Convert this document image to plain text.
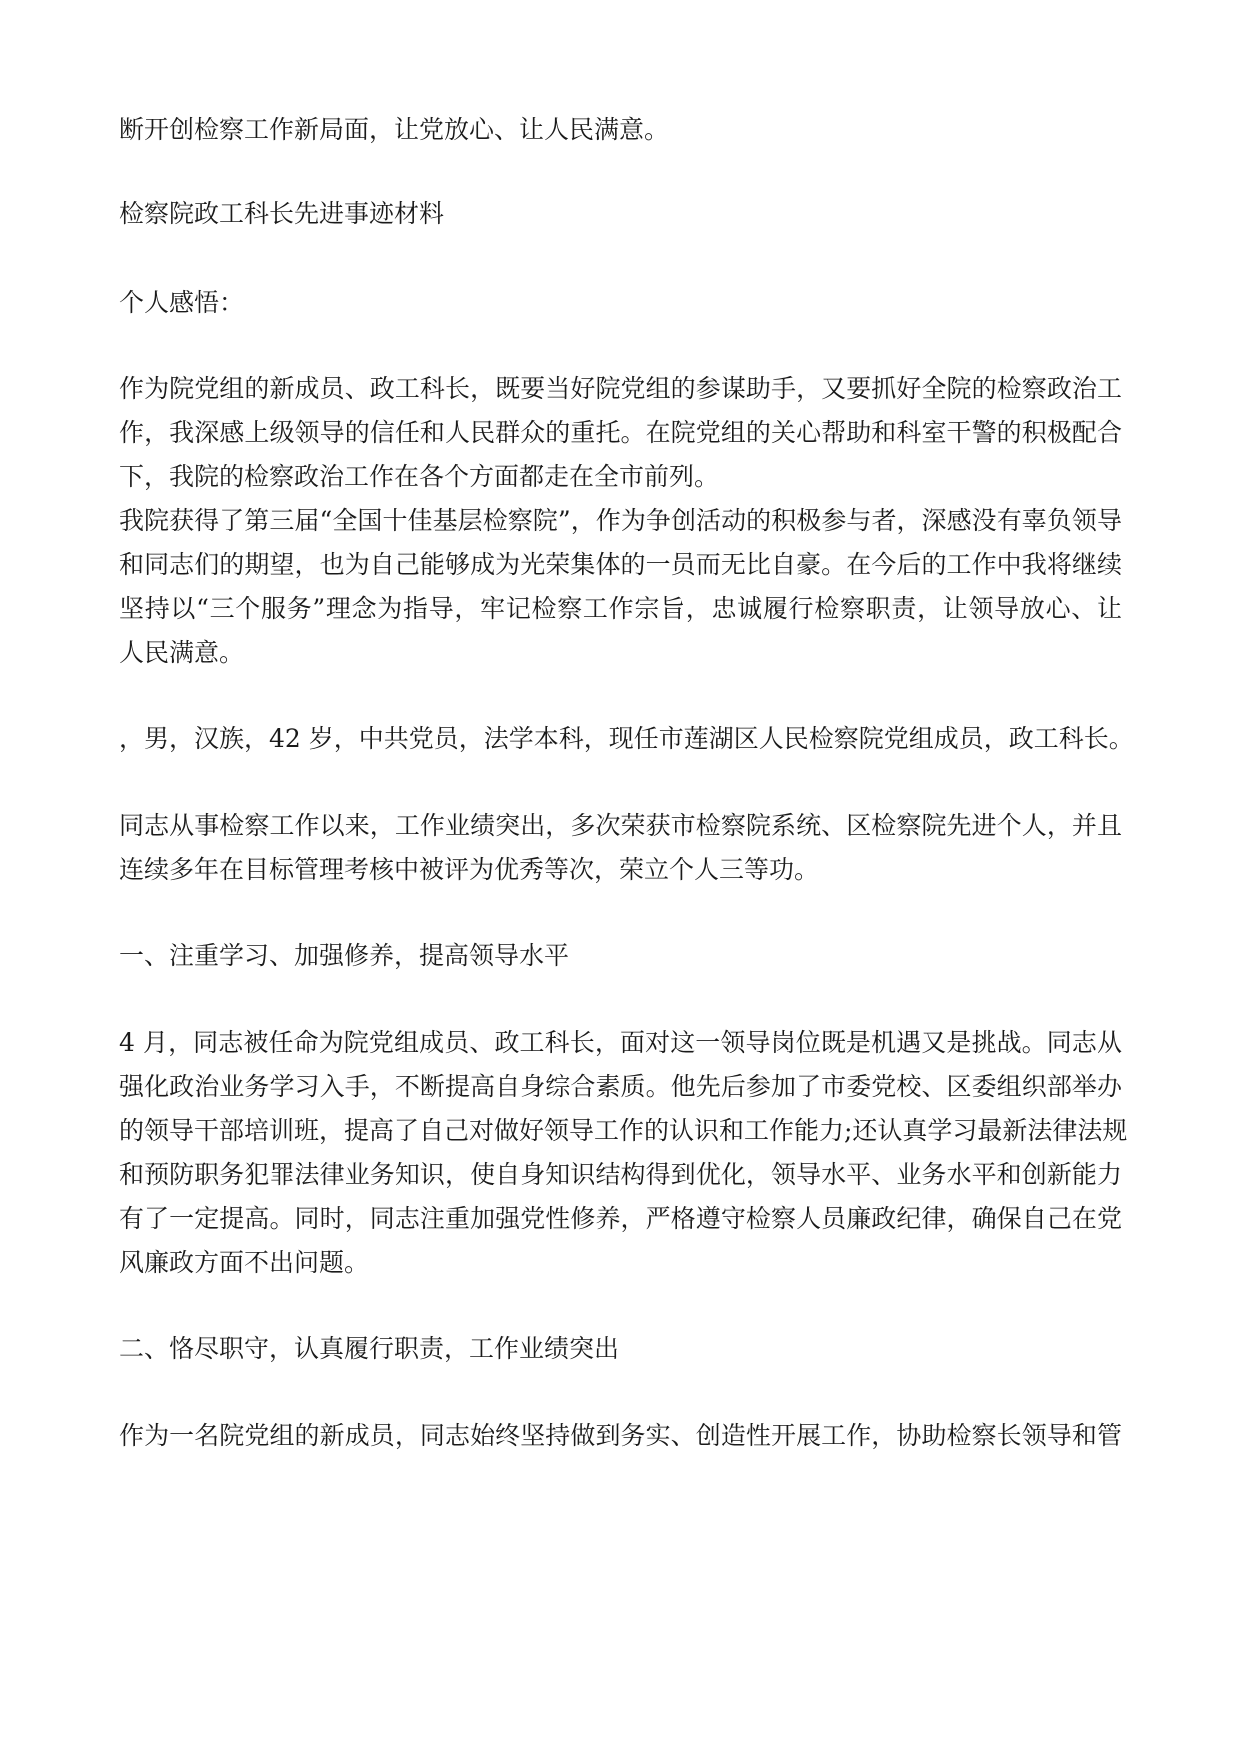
断开创检察工作新局面，让党放心、让人民满意。

检察院政工科长先进事迹材料

个人感悟：

作为院党组的新成员、政工科长，既要当好院党组的参谋助手，又要抓好全院的检察政治工

作，我深感上级领导的信任和人民群众的重托。在院党组的关心帮助和科室干警的积极配合

下，我院的检察政治工作在各个方面都走在全市前列。

我院获得了第三届“全国十佳基层检察院”，作为争创活动的积极参与者，深感没有辜负领导

和同志们的期望，也为自己能够成为光荣集体的一员而无比自豪。在今后的工作中我将继续

坚持以“三个服务”理念为指导，牢记检察工作宗旨，忠诚履行检察职责，让领导放心、让

人民满意。

，男，汉族，42 岁，中共党员，法学本科，现任市莲湖区人民检察院党组成员，政工科长。

同志从事检察工作以来，工作业绩突出，多次荣获市检察院系统、区检察院先进个人，并且

连续多年在目标管理考核中被评为优秀等次，荣立个人三等功。

一、注重学习、加强修养，提高领导水平

4 月，同志被任命为院党组成员、政工科长，面对这一领导岗位既是机遇又是挑战。同志从

强化政治业务学习入手，不断提高自身综合素质。他先后参加了市委党校、区委组织部举办

的领导干部培训班，提高了自己对做好领导工作的认识和工作能力;还认真学习最新法律法规

和预防职务犯罪法律业务知识，使自身知识结构得到优化，领导水平、业务水平和创新能力

有了一定提高。同时，同志注重加强党性修养，严格遵守检察人员廉政纪律，确保自己在党

风廉政方面不出问题。

二、恪尽职守，认真履行职责，工作业绩突出

作为一名院党组的新成员，同志始终坚持做到务实、创造性开展工作，协助检察长领导和管
